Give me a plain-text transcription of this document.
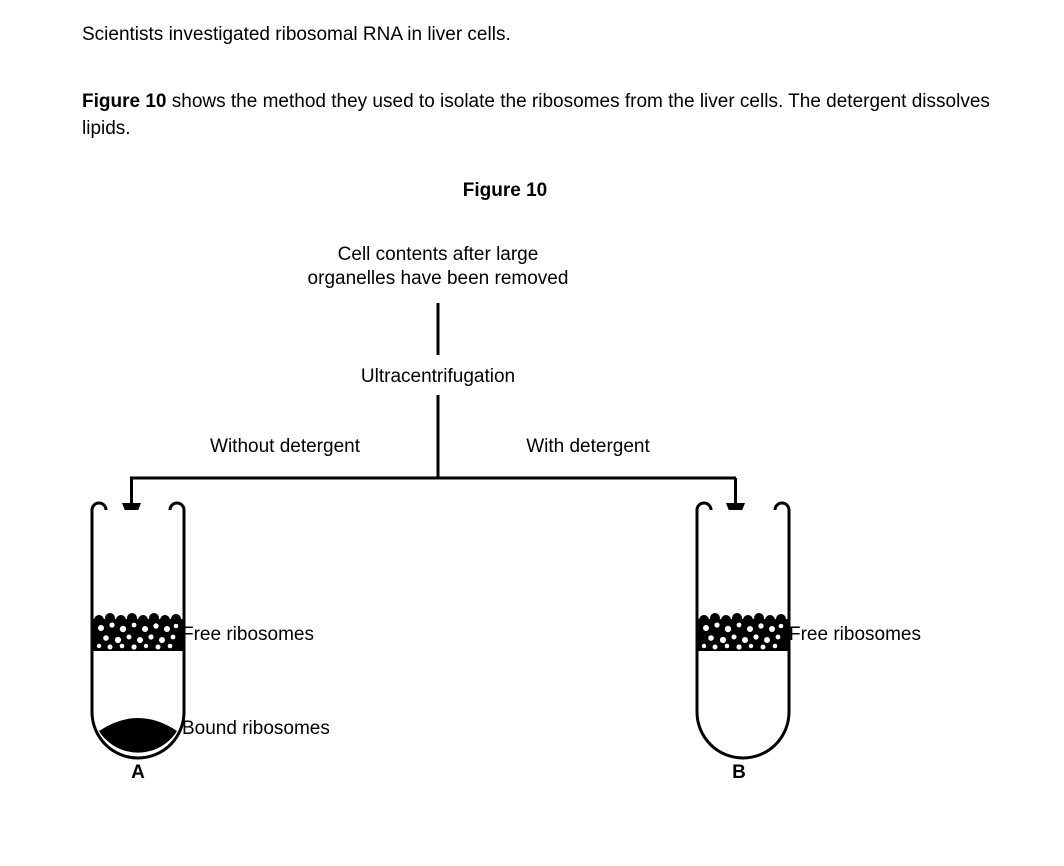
Scientists investigated ribosomal RNA in liver cells.
Figure 10 shows the method they used to isolate the ribosomes from the liver cells. The detergent dissolves lipids.
Figure 10
Cell contents after large
organelles have been removed
Ultracentrifugation
Without detergent	With detergent
Free ribosomes
Bound ribosomes
Free ribosomes
A	B
